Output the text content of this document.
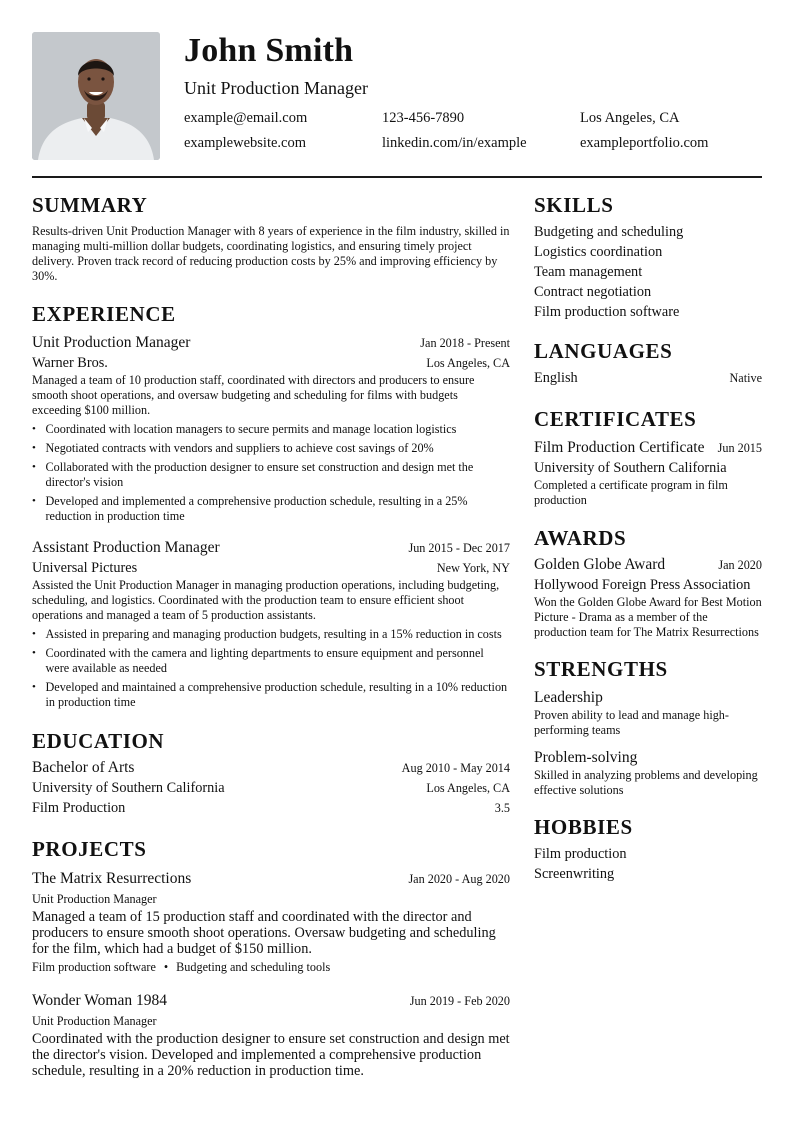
John Smith
Unit Production Manager
example@email.com	123-456-7890	Los Angeles, CA
examplewebsite.com	linkedin.com/in/example	exampleportfolio.com
SUMMARY
Results-driven Unit Production Manager with 8 years of experience in the film industry, skilled in managing multi-million dollar budgets, coordinating logistics, and ensuring timely project delivery. Proven track record of reducing production costs by 25% and improving efficiency by 30%.
EXPERIENCE
Unit Production Manager	Jan 2018 - Present
Warner Bros.	Los Angeles, CA
Managed a team of 10 production staff, coordinated with directors and producers to ensure smooth shoot operations, and oversaw budgeting and scheduling for films with budgets exceeding $100 million.
• Coordinated with location managers to secure permits and manage location logistics
• Negotiated contracts with vendors and suppliers to achieve cost savings of 20%
• Collaborated with the production designer to ensure set construction and design met the director's vision
• Developed and implemented a comprehensive production schedule, resulting in a 25% reduction in production time
Assistant Production Manager	Jun 2015 - Dec 2017
Universal Pictures	New York, NY
Assisted the Unit Production Manager in managing production operations, including budgeting, scheduling, and logistics. Coordinated with the production team to ensure efficient shoot operations and managed a team of 5 production assistants.
• Assisted in preparing and managing production budgets, resulting in a 15% reduction in costs
• Coordinated with the camera and lighting departments to ensure equipment and personnel were available as needed
• Developed and maintained a comprehensive production schedule, resulting in a 10% reduction in production time
EDUCATION
Bachelor of Arts	Aug 2010 - May 2014
University of Southern California	Los Angeles, CA
Film Production	3.5
PROJECTS
The Matrix Resurrections	Jan 2020 - Aug 2020
Unit Production Manager
Managed a team of 15 production staff and coordinated with the director and producers to ensure smooth shoot operations. Oversaw budgeting and scheduling for the film, which had a budget of $150 million.
Film production software • Budgeting and scheduling tools
Wonder Woman 1984	Jun 2019 - Feb 2020
Unit Production Manager
Coordinated with the production designer to ensure set construction and design met the director's vision. Developed and implemented a comprehensive production schedule, resulting in a 20% reduction in production time.
SKILLS
Budgeting and scheduling
Logistics coordination
Team management
Contract negotiation
Film production software
LANGUAGES
English	Native
CERTIFICATES
Film Production Certificate Jun 2015
University of Southern California
Completed a certificate program in film production
AWARDS
Golden Globe Award	Jan 2020
Hollywood Foreign Press Association
Won the Golden Globe Award for Best Motion Picture - Drama as a member of the production team for The Matrix Resurrections
STRENGTHS
Leadership
Proven ability to lead and manage high-performing teams
Problem-solving
Skilled in analyzing problems and developing effective solutions
HOBBIES
Film production
Screenwriting
